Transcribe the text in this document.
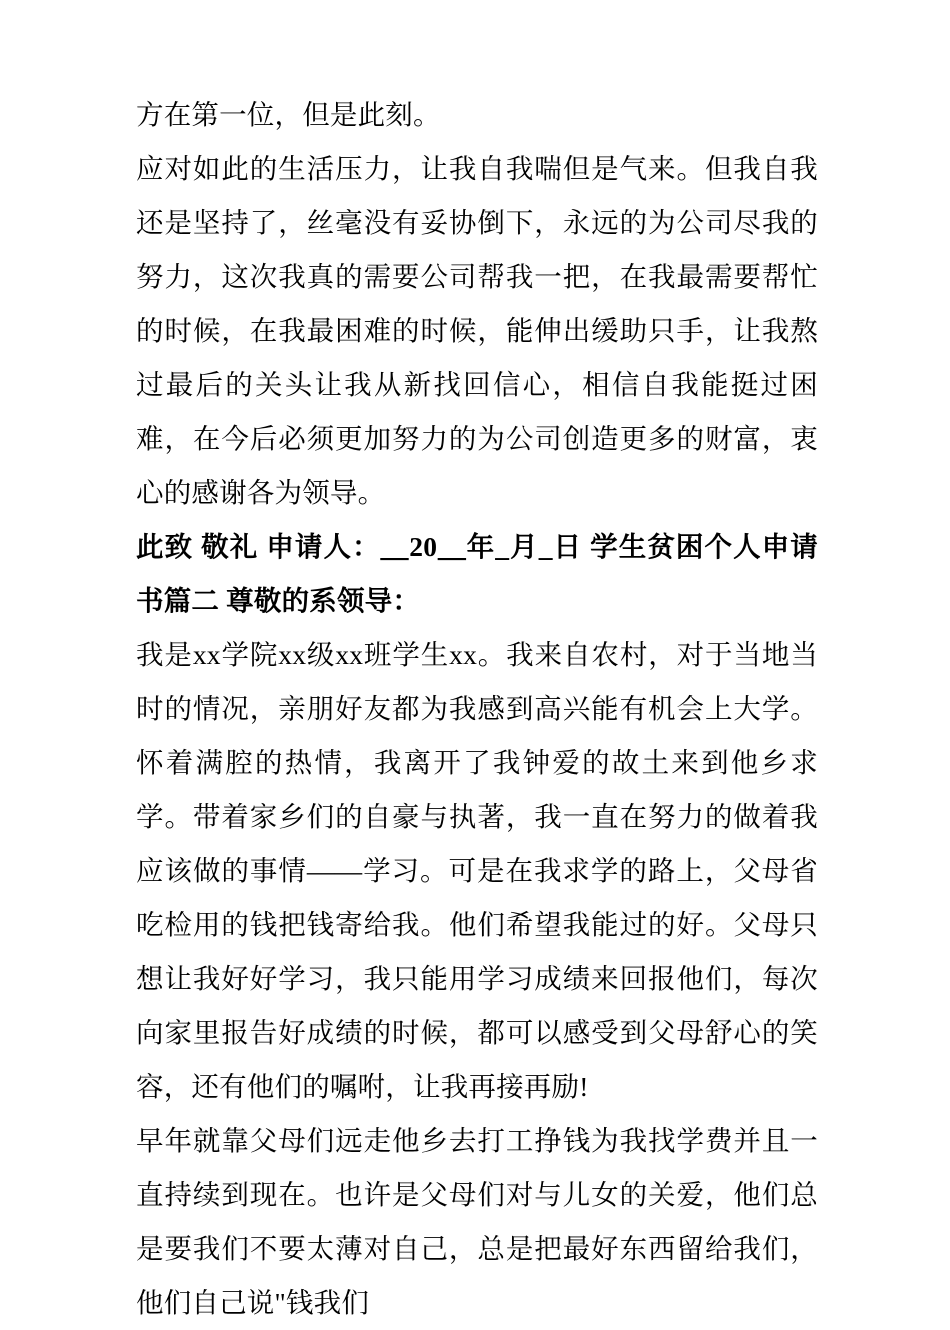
方在第一位，但是此刻。

应对如此的生活压力，让我自我喘但是气来。但我自我还是坚持了，丝毫没有妥协倒下，永远的为公司尽我的努力，这次我真的需要公司帮我一把，在我最需要帮忙的时候，在我最困难的时候，能伸出缓助只手，让我熬过最后的关头让我从新找回信心，相信自我能挺过困难，在今后必须更加努力的为公司创造更多的财富，衷心的感谢各为领导。

此致 敬礼 申请人：＿20＿年_月_日 学生贫困个人申请书篇二 尊敬的系领导：

我是xx学院xx级xx班学生xx。我来自农村，对于当地当时的情况，亲朋好友都为我感到高兴能有机会上大学。怀着满腔的热情，我离开了我钟爱的故土来到他乡求学。带着家乡们的自豪与执著，我一直在努力的做着我应该做的事情——学习。可是在我求学的路上，父母省吃检用的钱把钱寄给我。他们希望我能过的好。父母只想让我好好学习，我只能用学习成绩来回报他们，每次向家里报告好成绩的时候，都可以感受到父母舒心的笑容，还有他们的嘱咐，让我再接再励!

早年就靠父母们远走他乡去打工挣钱为我找学费并且一直持续到现在。也许是父母们对与儿女的关爱，他们总是要我们不要太薄对自己，总是把最好东西留给我们，他们自己说"钱我们
